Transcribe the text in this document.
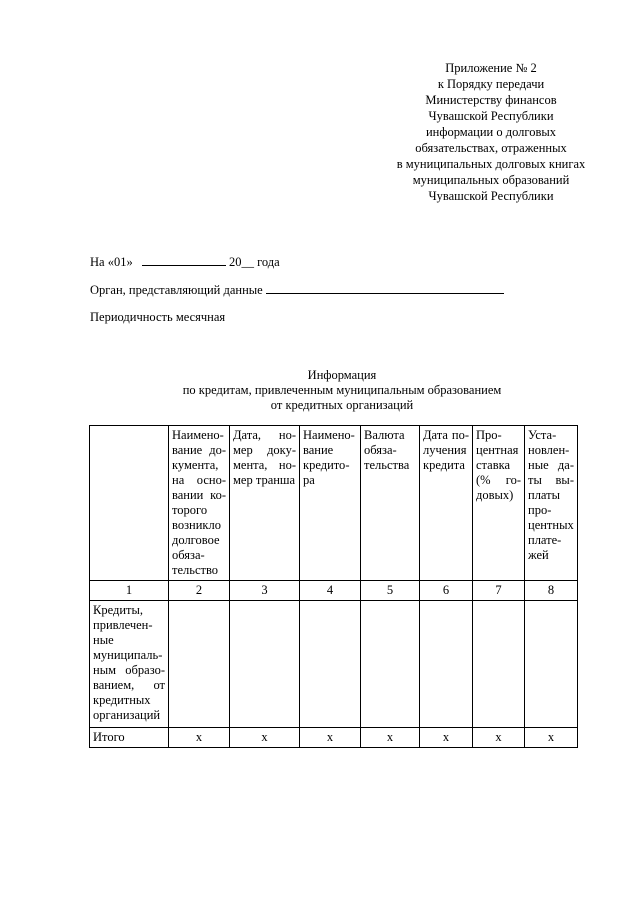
Приложение № 2
к Порядку передачи
Министерству финансов
Чувашской Республики
информации о долговых
обязательствах, отраженных
в муниципальных долговых книгах
муниципальных образований
Чувашской Республики
На «01»	20__ года
Орган, представляющий данные
Периодичность месячная
Информация
по кредитам, привлеченным муниципальным образованием
от кредитных организаций
	Наименование документа, на основании которого возникло долговое обязательство	Дата, номер документа, номер транша	Наименование кредитора	Валюта обязательства	Дата получения кредита	Процентная ставка (% годовых)	Установленные даты выплаты процентных платежей
1	2	3	4	5	6	7	8
Кредиты, привлеченные муниципальным образованием, от кредитных организаций							
Итого	x	x	x	x	x	x	x
